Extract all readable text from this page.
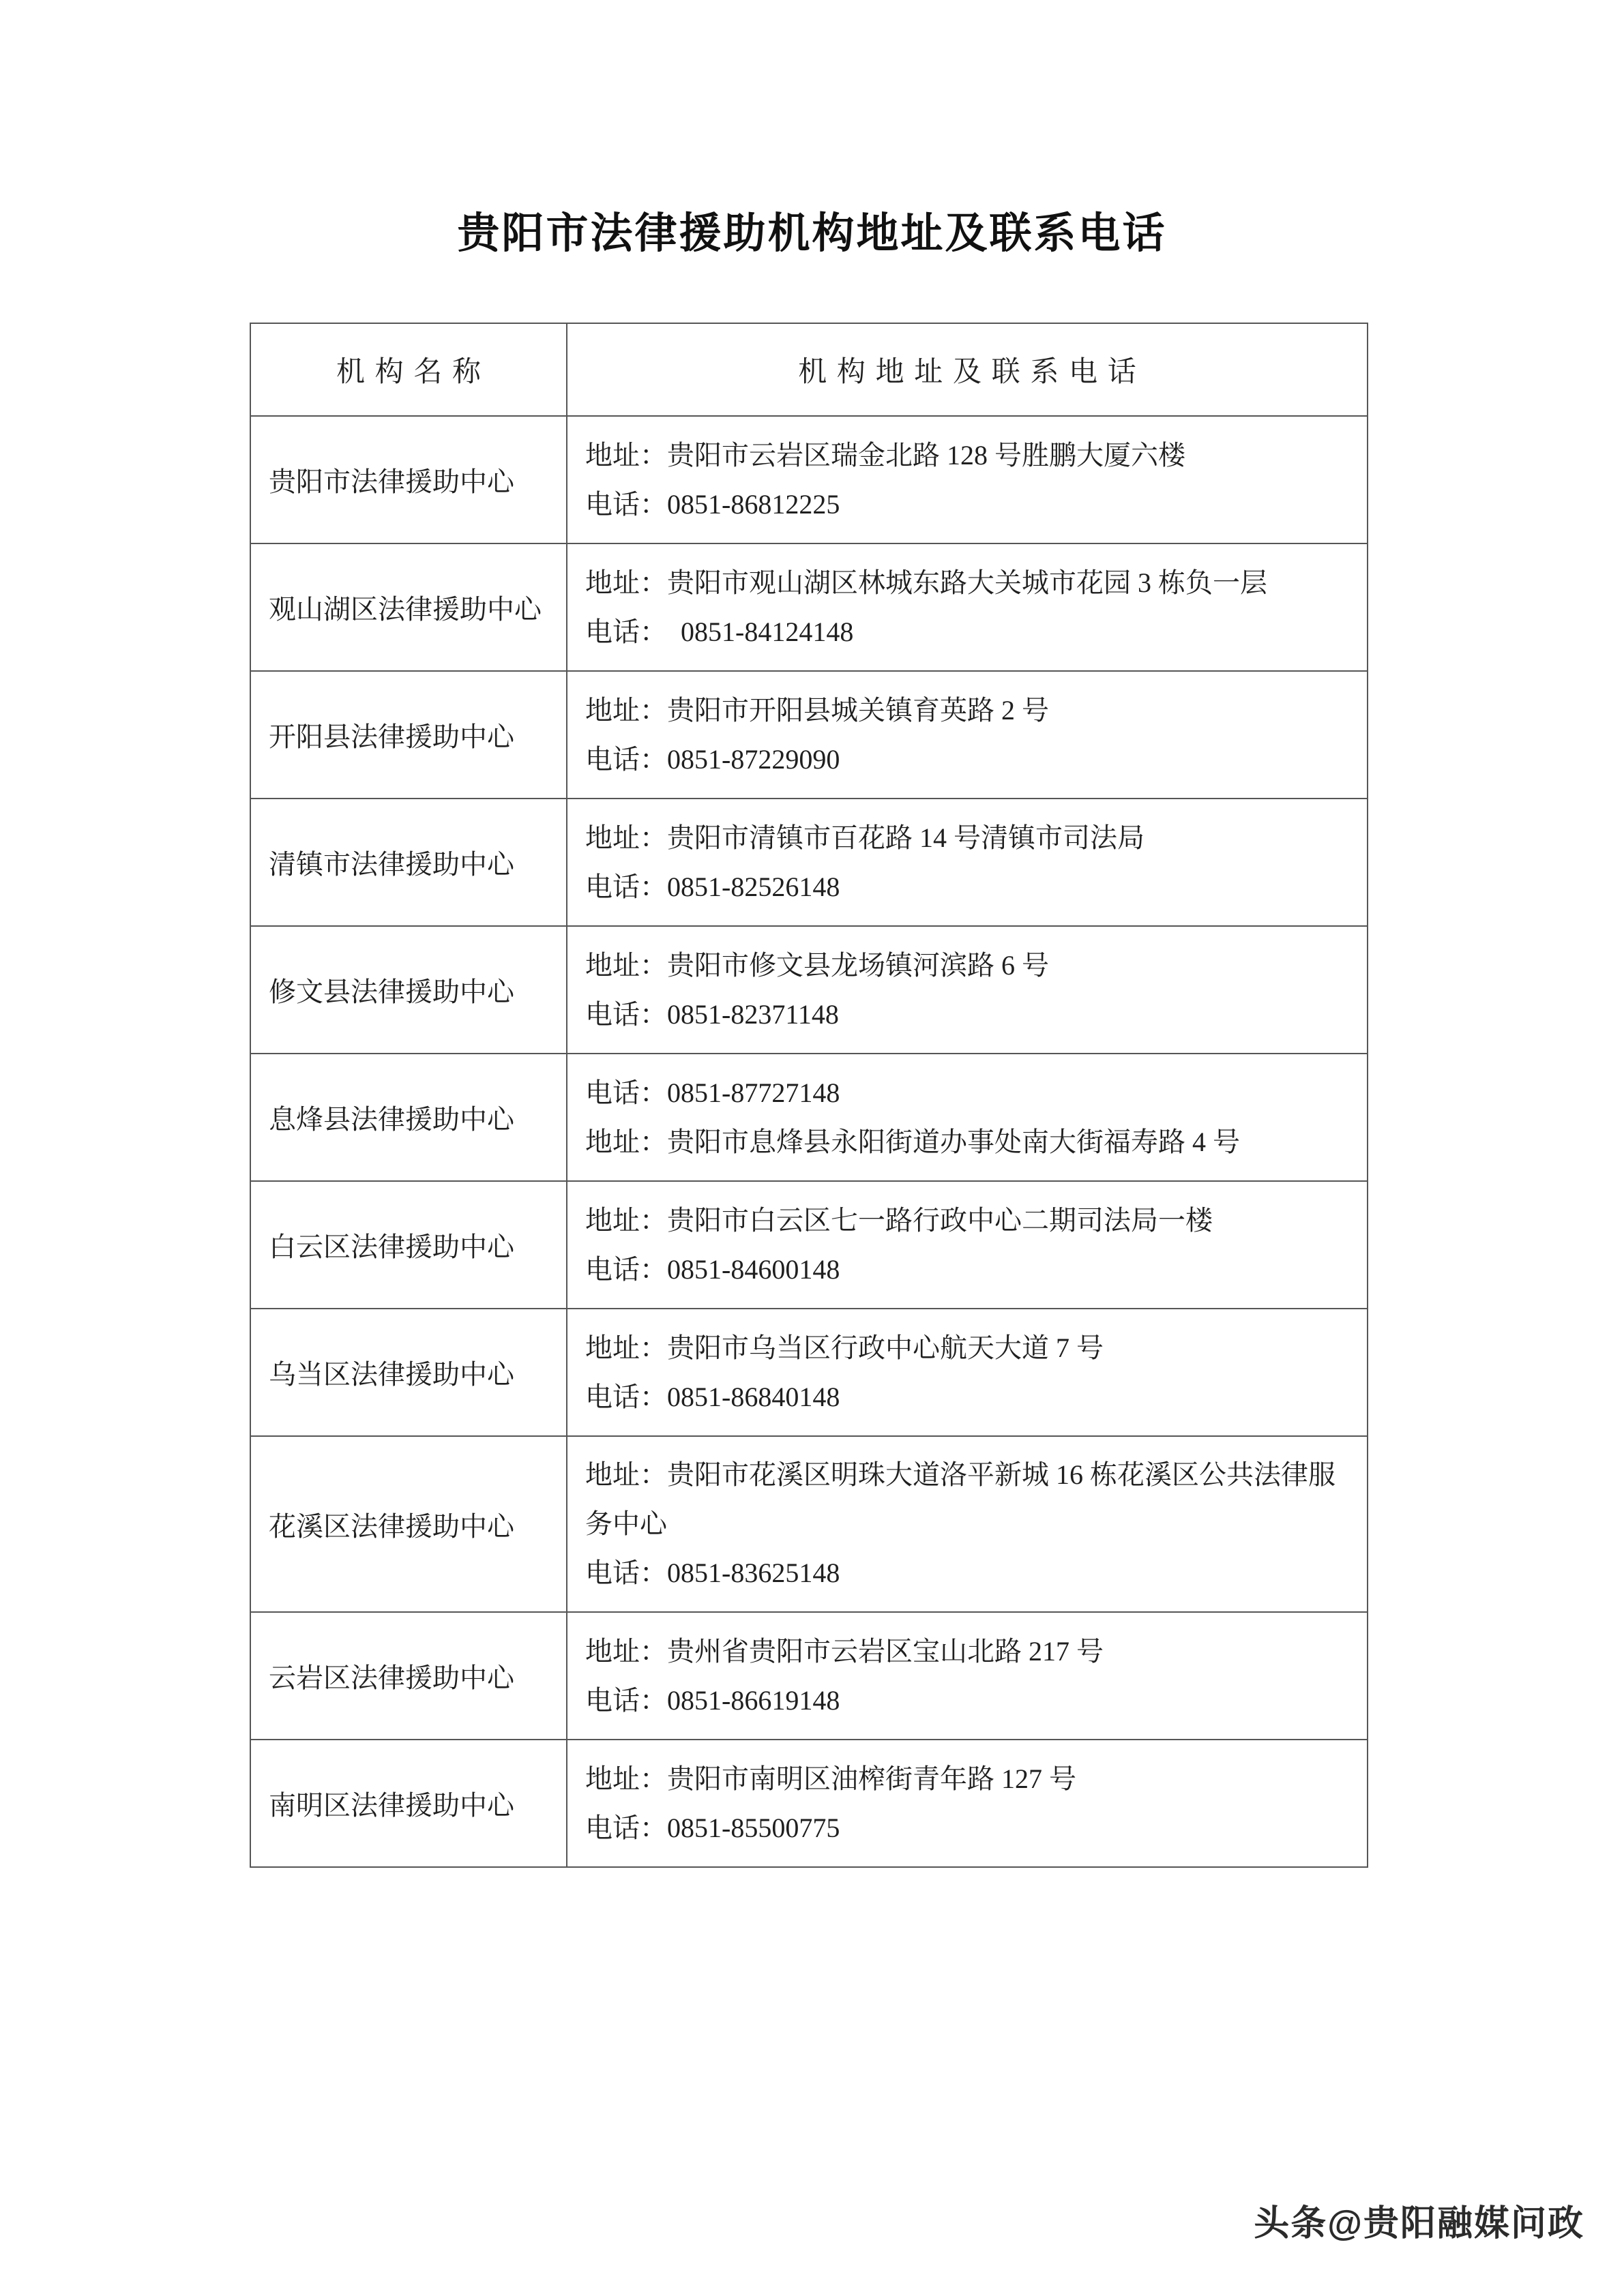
贵阳市法律援助机构地址及联系电话
机构名称	机构地址及联系电话
贵阳市法律援助中心	地址：贵阳市云岩区瑞金北路 128 号胜鹏大厦六楼
电话：0851-86812225

观山湖区法律援助中心	地址：贵阳市观山湖区林城东路大关城市花园 3 栋负一层
电话：  0851-84124148

开阳县法律援助中心	地址：贵阳市开阳县城关镇育英路 2 号
电话：0851-87229090

清镇市法律援助中心	地址：贵阳市清镇市百花路 14 号清镇市司法局
电话：0851-82526148

修文县法律援助中心	地址：贵阳市修文县龙场镇河滨路 6 号
电话：0851-82371148

息烽县法律援助中心	电话：0851-87727148
地址：贵阳市息烽县永阳街道办事处南大街福寿路 4 号

白云区法律援助中心	地址：贵阳市白云区七一路行政中心二期司法局一楼
电话：0851-84600148

乌当区法律援助中心	地址：贵阳市乌当区行政中心航天大道 7 号
电话：0851-86840148

花溪区法律援助中心	地址：贵阳市花溪区明珠大道洛平新城 16 栋花溪区公共法律服务中心
电话：0851-83625148

云岩区法律援助中心	地址：贵州省贵阳市云岩区宝山北路 217 号
电话：0851-86619148

南明区法律援助中心	地址：贵阳市南明区油榨街青年路 127 号
电话：0851-85500775
头条@贵阳融媒问政
